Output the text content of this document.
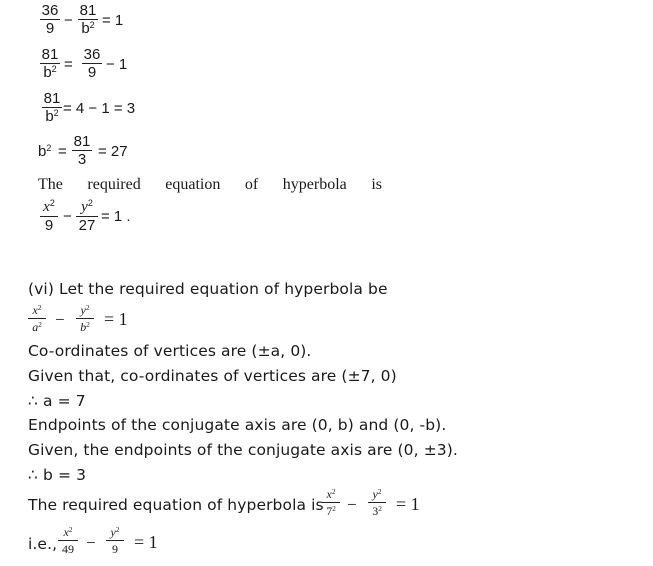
36
9 −
81
$b^2 = 1$
81
$b^2$ =
36
9 − 1
81
$b^2 = 4 - 1 = 3$
$b^2$ =
81
3 = 27
The required equation of hyperbola is
$x^2$
9
−
$y^2$
27
= 1 .
(vi) Let the required equation of hyperbola be
$x^2$
$a^2$ −	$y^2$
$b^2 = 1$
Co-ordinates of vertices are (±a, 0).
Given that, co-ordinates of vertices are (±7, 0)
∴ a = 7
Endpoints of the conjugate axis are (0, b) and (0, -b).
Given, the endpoints of the conjugate axis are (0, ±3).
∴ b = 3
The required equation of hyperbola is
$x^2$
$7^2$ −
$y^2$
$3^2 = 1$
i.e.,
$x^2$
49 −
$y^2$
9 = 1
